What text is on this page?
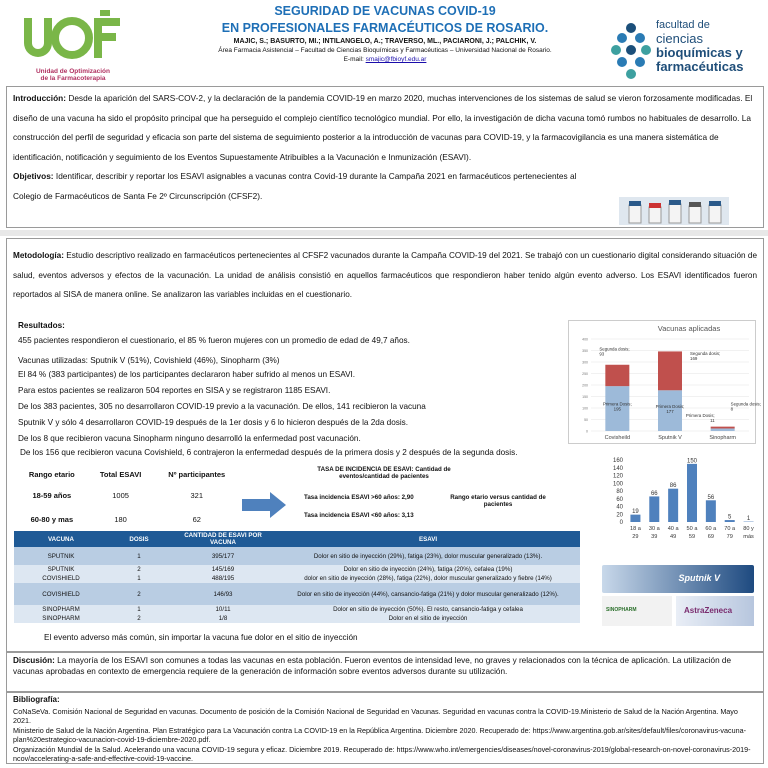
Unidad de Optimización
de la Farmacoterapia
SEGURIDAD DE VACUNAS COVID-19
EN PROFESIONALES FARMACÉUTICOS DE ROSARIO.
MAJIC, S.; BASURTO, MI.; INTILANGELO, A.; TRAVERSO, ML., PACIARONI, J.; PALCHIK, V.
Área Farmacia Asistencial – Facultad de Ciencias Bioquímicas y Farmacéuticas – Universidad Nacional de Rosario.
E-mail: smajic@fbioyf.edu.ar
facultad de
ciencias
bioquímicas y
farmacéuticas

Introducción: Desde la aparición del SARS-COV-2, y la declaración de la pandemia COVID-19 en marzo 2020, muchas intervenciones de los sistemas de salud se vieron forzosamente modificadas. El diseño de una vacuna ha sido el propósito principal que ha perseguido el complejo científico tecnológico mundial. Por ello, la investigación de dicha vacuna tomó rumbos no habituales de desarrollo. La construcción del perfil de seguridad y eficacia son parte del sistema de seguimiento posterior a la introducción de vacunas para COVID-19, y la farmacovigilancia es una manera sistemática de identificación, notificación y seguimiento de los Eventos Supuestamente Atribuibles a la Vacunación e Inmunización (ESAVI).

Objetivos: Identificar, describir y reportar los ESAVI asignables a vacunas contra Covid-19 durante la Campaña 2021 en farmacéuticos pertenecientes al Colegio de Farmacéuticos de Santa Fe 2º Circunscripción (CFSF2).

Metodología: Estudio descriptivo realizado en farmacéuticos pertenecientes al CFSF2 vacunados durante la Campaña COVID-19 del 2021. Se trabajó con un cuestionario digital considerando situación de salud, eventos adversos y efectos de la vacunación. La unidad de análisis consistió en aquellos farmacéuticos que respondieron haber tenido algún evento adverso. Los ESAVI identificados fueron reportados al SISA de manera online. Se analizaron las variables incluidas en el cuestionario.
Resultados:
455 pacientes respondieron el cuestionario, el 85 % fueron mujeres con un promedio de edad de 49,7 años.
Vacunas utilizadas: Sputnik V (51%), Covishield (46%), Sinopharm (3%)
El 84 % (383 participantes) de los participantes declararon haber sufrido al menos un ESAVI.
Para estos pacientes se realizaron 504 reportes en SISA y se registraron 1185 ESAVI.
De los 383 pacientes, 305 no desarrollaron COVID-19 previo a la vacunación. De ellos, 141 recibieron la vacuna
Sputnik V y sólo 4 desarrollaron COVID-19 después de la 1er dosis y 6 lo hicieron después de la 2da dosis.
De los 8 que recibieron vacuna Sinopharm ninguno desarrolló la enfermedad post vacunación.
De los 156 que recibieron vacuna Covishield, 6 contrajeron la enfermedad después de la primera dosis y 2 después de la segunda dosis.
Vacunas aplicadas
400
350
300
250
200
150
100
50
0
Covisheild	Sputnik V	Sinopharm
Segunda dosis; 93
Primera Dosis; 195
Segunda dosis; 169
Primera Dosis; 177
Segunda dosis; 8
Primera Dosis; 11
160
140
120
100
80
60
40
20
0
19
18 a
29
66
30 a
39
86
40 a
49
150
50 a
59
56
60 a
69
5
70 a
79
1
80 y
más
Rango etario	Total ESAVI	Nº participantes
18-59 años	1005	321
60-80 y mas	180	62
TASA DE INCIDENCIA DE ESAVI: Cantidad de eventos/cantidad de pacientes
Tasa incidencia ESAVI >60 años: 2,90
Tasa incidencia ESAVI <60 años: 3,13
Rango etario versus cantidad de pacientes
VACUNA	DOSIS	CANTIDAD DE ESAVI POR VACUNA	ESAVI
SPUTNIK	1	395/177	Dolor en sitio de inyección (29%), fatiga (23%), dolor muscular generalizado (13%).
SPUTNIK	2	145/169	Dolor en sitio de inyección (24%), fatiga (20%), cefalea (19%)
COVISHIELD	1	488/195	dolor en sitio de inyección (28%), fatiga (22%), dolor muscular generalizado y fiebre (14%)
COVISHIELD	2	146/93	Dolor en sitio de inyección (44%), cansancio-fatiga (21%) y dolor muscular generalizado (12%).
SINOPHARM	1	10/11	Dolor en sitio de inyección (50%). El resto, cansancio-fatiga y cefalea
SINOPHARM	2	1/8	Dolor en el sitio de inyección
El evento adverso más común, sin importar la vacuna fue dolor en el sitio de inyección
Sputnik V
SINOPHARM	AstraZeneca

Discusión: La mayoría de los ESAVI son comunes a todas las vacunas en esta población. Fueron eventos de intensidad leve, no graves y relacionados con la técnica de aplicación. La utilización de vacunas aprobadas en contexto de emergencia requiere de la generación de información sobre eventos adversos durante su utilización.

Bibliografía:

CoNaSeVa. Comisión Nacional de Seguridad en vacunas. Documento de posición de la Comisión Nacional de Seguridad en Vacunas. Seguridad en vacunas contra la COVID-19.Ministerio de Salud de la Nación Argentina. Mayo 2021.

Ministerio de Salud de la Nación Argentina. Plan Estratégico para La Vacunación contra La COVID-19 en la República Argentina. Diciembre 2020. Recuperado de: https://www.argentina.gob.ar/sites/default/files/coronavirus-vacuna-plan%20estrategico-vacunacion-covid-19-diciembre-2020.pdf.

Organización Mundial de la Salud. Acelerando una vacuna COVID-19 segura y eficaz. Diciembre 2019. Recuperado de: https://www.who.int/emergencies/diseases/novel-coronavirus-2019/global-research-on-novel-coronavirus-2019-ncov/accelerating-a-safe-and-effective-covid-19-vaccine.
